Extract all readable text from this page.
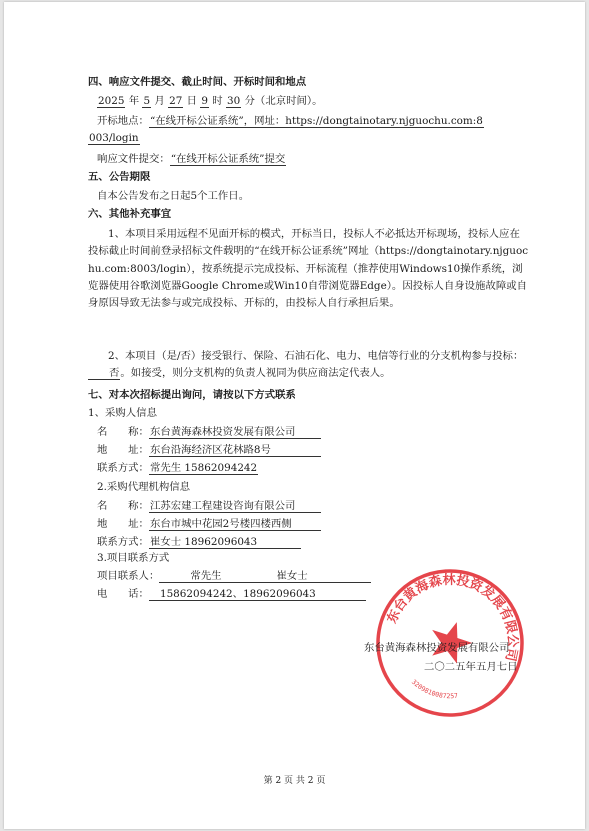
四、响应文件提交、截止时间、开标时间和地点
2025 年 5 月 27 日 9 时 30 分（北京时间）。
开标地点：“在线开标公证系统”，网址：https://dongtainotary.njguochu.com:8
003/login
响应文件提交：“在线开标公证系统”提交
五、公告期限
自本公告发布之日起5个工作日。
六、其他补充事宜
1、本项目采用远程不见面开标的模式，开标当日，投标人不必抵达开标现场，投标人应在投标截止时间前登录招标文件载明的“在线开标公证系统”网址（https://dongtainotary.njguochu.com:8003/login），按系统提示完成投标、开标流程（推荐使用Windows10操作系统，浏览器使用谷歌浏览器Google Chrome或Win10自带浏览器Edge）。因投标人自身设施故障或自身原因导致无法参与或完成投标、开标的，由投标人自行承担后果。
2、本项目（是/否）接受银行、保险、石油石化、电力、电信等行业的分支机构参与投标：否。如接受，则分支机构的负责人视同为供应商法定代表人。
七、对本次招标提出询问，请按以下方式联系
1、采购人信息
名　　称：东台黄海森林投资发展有限公司
地　　址：东台沿海经济区花林路8号
联系方式：常先生 15862094242
2.采购代理机构信息
名　　称：江苏宏建工程建设咨询有限公司
地　　址：东台市城中花园2号楼四楼西侧
联系方式：崔女士 18962096043
3.项目联系方式
项目联系人：	常先生	崔女士
电　　话： 15862094242、18962096043
东台黄海森林投资发展有限公司
3209810087257
东台黄海森林投资发展有限公司
二〇二五年五月七日
第 2 页 共 2 页
